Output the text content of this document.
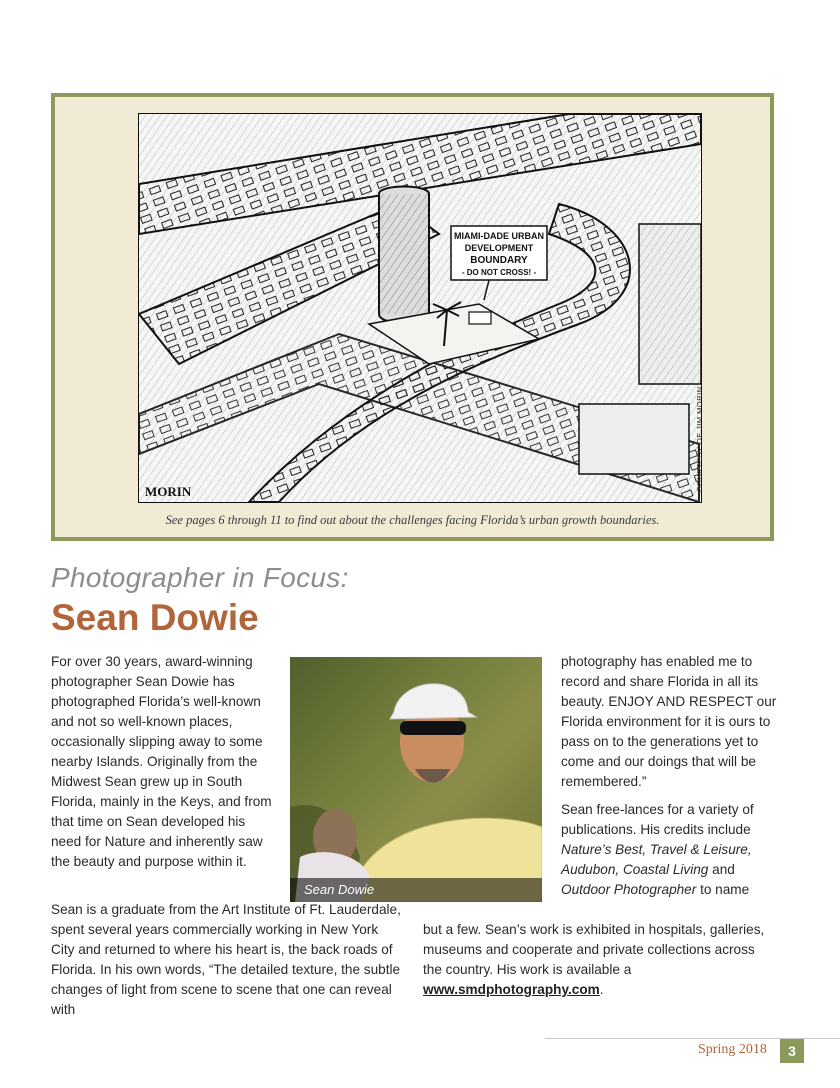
MIAMI-DADE URBAN
DEVELOPMENT
BOUNDARY
- DO NOT CROSS! -
MORIN	COURTESY OF JIM MORIN
See pages 6 through 11 to find out about the challenges facing Florida’s urban growth boundaries.
Photographer in Focus:
Sean Dowie

For over 30 years, award-winning photographer Sean Dowie has photographed Florida’s well-known and not so well-known places, occasionally slipping away to some nearby Islands. Originally from the Midwest Sean grew up in South Florida, mainly in the Keys, and from that time on Sean developed his need for Nature and inherently saw the beauty and purpose within it.

Sean Dowie

photography has enabled me to record and share Florida in all its beauty. ENJOY AND RESPECT our Florida environment for it is ours to pass on to the generations yet to come and our doings that will be remembered.”

Sean free-lances for a variety of publications. His credits include Nature’s Best, Travel & Leisure, Audubon, Coastal Living and Outdoor Photographer to name

Sean is a graduate from the Art Institute of Ft. Lauderdale, spent several years commercially working in New York City and returned to where his heart is, the back roads of Florida. In his own words, “The detailed texture, the subtle changes of light from scene to scene that one can reveal with

but a few. Sean’s work is exhibited in hospitals, galleries, museums and cooperate and private collections across the country. His work is available a
www.smdphotography.com.

Spring 2018	3
